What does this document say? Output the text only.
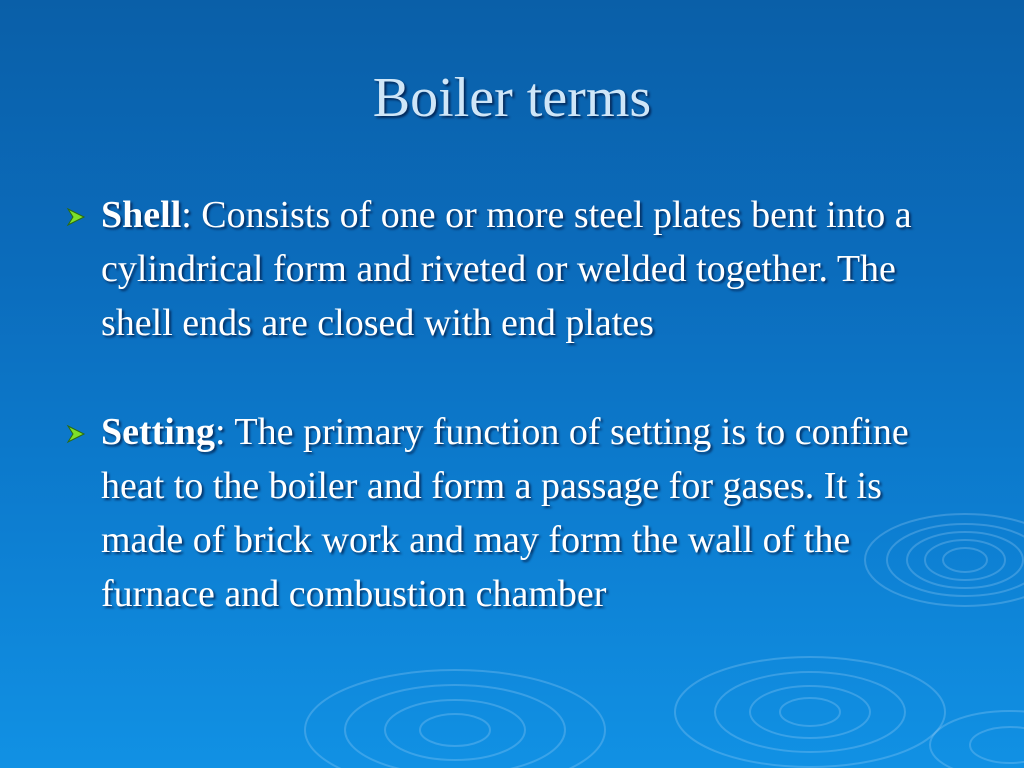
Boiler terms
Shell: Consists of one or more steel plates bent into a cylindrical form and riveted or welded together. The shell ends are closed with end plates
Setting: The primary function of setting is to confine heat to the boiler and form a passage for gases. It is made of brick work and may form the wall of the furnace and combustion chamber
